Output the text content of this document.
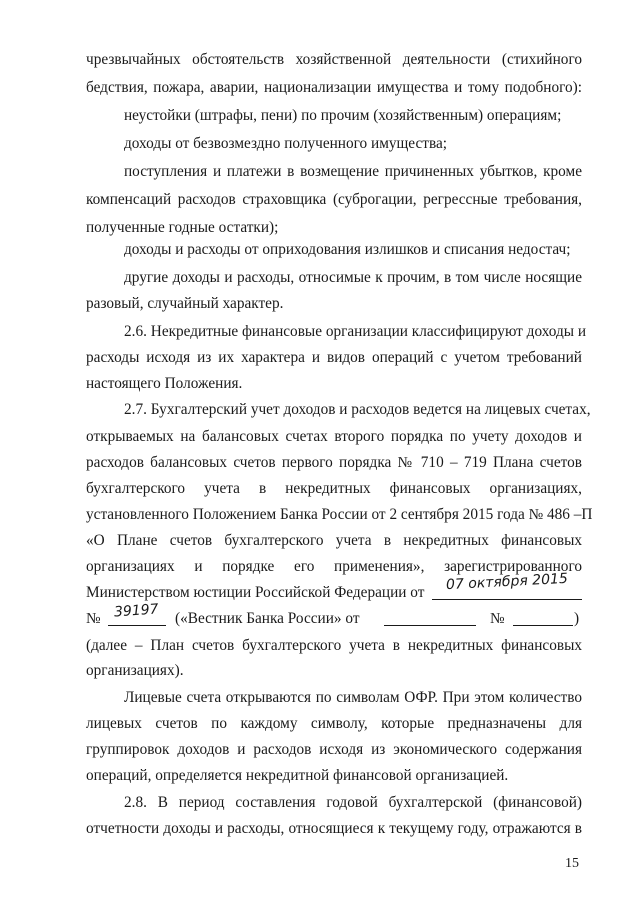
чрезвычайных обстоятельств хозяйственной деятельности (стихийного
бедствия, пожара, аварии, национализации имущества и тому подобного):
неустойки (штрафы, пени) по прочим (хозяйственным) операциям;
доходы от безвозмездно полученного имущества;
поступления и платежи в возмещение причиненных убытков, кроме
компенсаций расходов страховщика (суброгации, регрессные требования,
полученные годные остатки);
доходы и расходы от оприходования излишков и списания недостач;
другие доходы и расходы, относимые к прочим, в том числе носящие
разовый, случайный характер.
2.6. Некредитные финансовые организации классифицируют доходы и
расходы исходя из их характера и видов операций с учетом требований
настоящего Положения.
2.7. Бухгалтерский учет доходов и расходов ведется на лицевых счетах,
открываемых на балансовых счетах второго порядка по учету доходов и
расходов балансовых счетов первого порядка № 710 – 719 Плана счетов
бухгалтерского учета в некредитных финансовых организациях,
установленного Положением Банка России от 2 сентября 2015 года № 486 –П
«О Плане счетов бухгалтерского учета в некредитных финансовых
организациях и порядке его применения», зарегистрированного
Министерством юстиции Российской Федерации от	07 октября 2015
№ 39197 («Вестник Банка России» от	№	)
(далее – План счетов бухгалтерского учета в некредитных финансовых
организациях).
Лицевые счета открываются по символам ОФР. При этом количество
лицевых счетов по каждому символу, которые предназначены для
группировок доходов и расходов исходя из экономического содержания
операций, определяется некредитной финансовой организацией.
2.8. В период составления годовой бухгалтерской (финансовой)
отчетности доходы и расходы, относящиеся к текущему году, отражаются в
15
